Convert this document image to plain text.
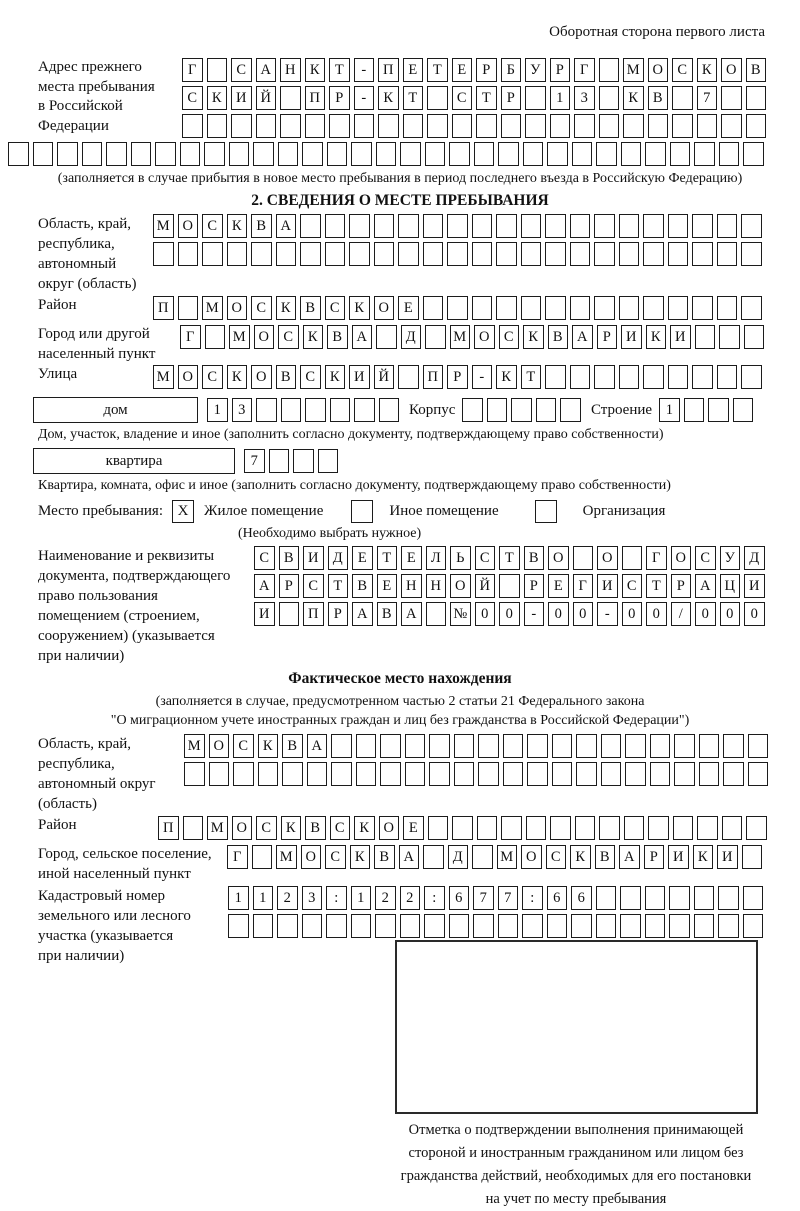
Оборотная сторона первого листа
Адрес прежнего
места пребывания
в Российской
Федерации
Г	С А Н К	Т	-	П	Е	Т	Е	Р	Б	У	Р	Г	М О С	К О В
С	К И Й	П	Р	-	К	Т	С	Т	Р	1	3	К	В	7
(заполняется в случае прибытия в новое место пребывания в период последнего въезда в Российскую Федерацию)
2. СВЕДЕНИЯ О МЕСТЕ ПРЕБЫВАНИЯ
Область, край,
республика,
автономный
округ (область)
М О С	К	В А
Район	П	М О С	К	В	С	К О	Е
Город или другой
населенный пункт
Г	М О С	К	В А	Д	М О С	К	В А	Р	И К И
Улица	М О С	К О В	С	К И Й	П	Р	-	К	Т
дом	1	3	Корпус	Строение 1
Дом, участок, владение и иное (заполнить согласно документу, подтверждающему право собственности)
квартира	7
Квартира, комната, офис и иное (заполнить согласно документу, подтверждающему право собственности)
Место пребывания: X	Жилое помещение	Иное помещение	Организация
(Необходимо выбрать нужное)
Наименование и реквизиты
документа, подтверждающего
право пользования
помещением (строением,
сооружением) (указывается
при наличии)
С	В И Д	Е	Т	Е	Л	Ь	С	Т	В О	О	Г	О С	У Д
А	Р	С	Т	В	Е	Н Н О Й	Р	Е	Г	И С	Т	Р	А Ц И
И	П	Р	А В А	№ 0	0	-	0	0	-	0	0	/	0	0	0
Фактическое место нахождения
(заполняется в случае, предусмотренном частью 2 статьи 21 Федерального закона
"О миграционном учете иностранных граждан и лиц без гражданства в Российской Федерации")
Область, край,
республика,
автономный округ
(область)
М О С	К	В А
Район	П	М О С	К	В	С	К О	Е
Город, сельское поселение,
иной населенный пункт
Г	М О С	К	В А	Д	М О С	К	В А	Р	И К И
Кадастровый номер
земельного или лесного
участка (указывается
при наличии)
1	1	2	3	:	1	2	2	:	6	7	7	:	6	6
Отметка о подтверждении выполнения принимающей
стороной и иностранным гражданином или лицом без
гражданства действий, необходимых для его постановки
на учет по месту пребывания
